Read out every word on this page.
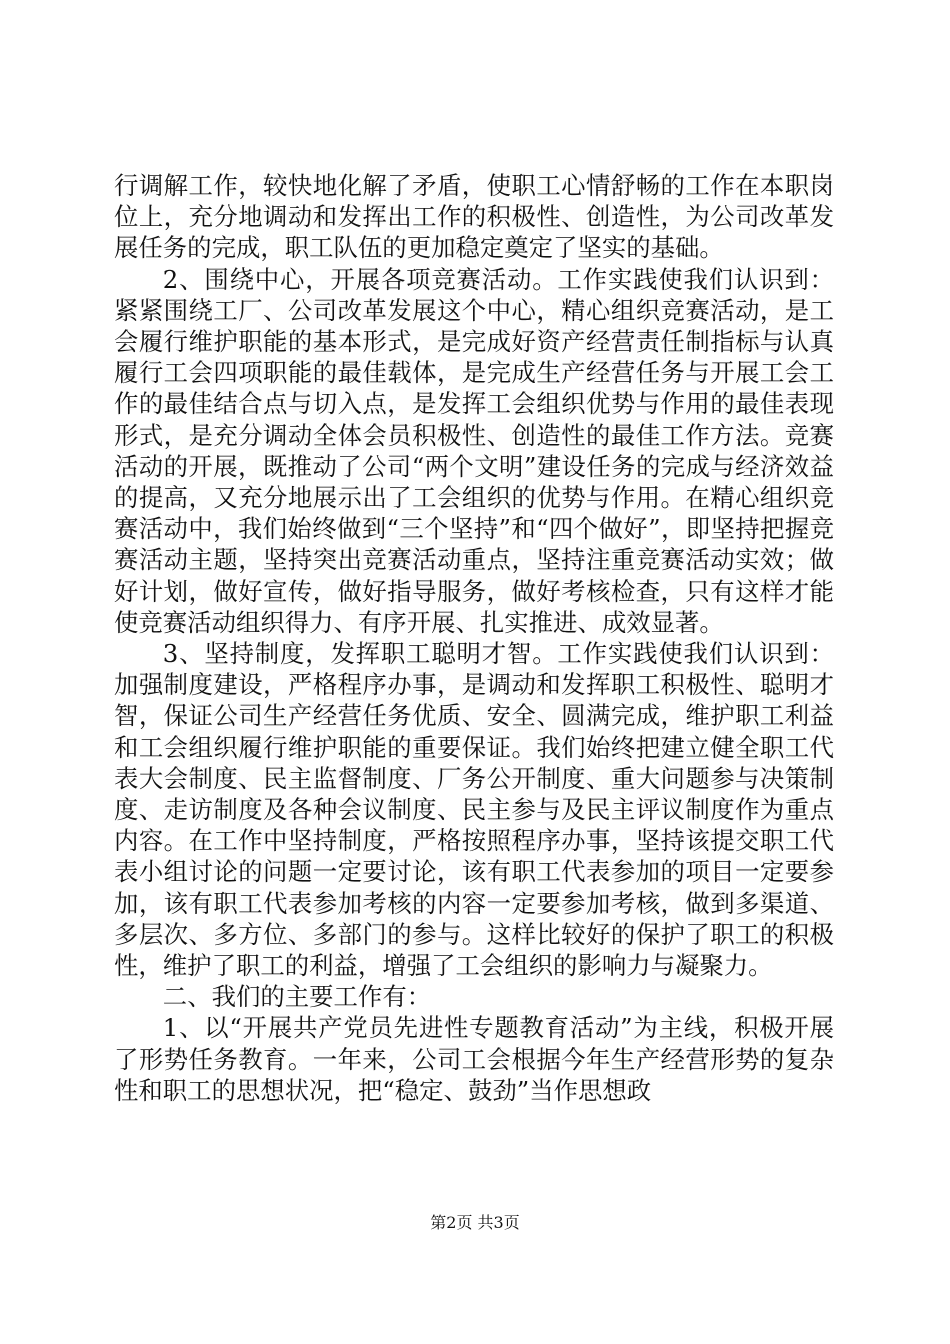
行调解工作，较快地化解了矛盾，使职工心情舒畅的工作在本职岗位上，充分地调动和发挥出工作的积极性、创造性，为公司改革发展任务的完成，职工队伍的更加稳定奠定了坚实的基础。

2、围绕中心，开展各项竞赛活动。工作实践使我们认识到：紧紧围绕工厂、公司改革发展这个中心，精心组织竞赛活动，是工会履行维护职能的基本形式，是完成好资产经营责任制指标与认真履行工会四项职能的最佳载体，是完成生产经营任务与开展工会工作的最佳结合点与切入点，是发挥工会组织优势与作用的最佳表现形式，是充分调动全体会员积极性、创造性的最佳工作方法。竞赛活动的开展，既推动了公司“两个文明”建设任务的完成与经济效益的提高，又充分地展示出了工会组织的优势与作用。在精心组织竞赛活动中，我们始终做到“三个坚持”和“四个做好”，即坚持把握竞赛活动主题，坚持突出竞赛活动重点，坚持注重竞赛活动实效；做好计划，做好宣传，做好指导服务，做好考核检查，只有这样才能使竞赛活动组织得力、有序开展、扎实推进、成效显著。

3、坚持制度，发挥职工聪明才智。工作实践使我们认识到：加强制度建设，严格程序办事，是调动和发挥职工积极性、聪明才智，保证公司生产经营任务优质、安全、圆满完成，维护职工利益和工会组织履行维护职能的重要保证。我们始终把建立健全职工代表大会制度、民主监督制度、厂务公开制度、重大问题参与决策制度、走访制度及各种会议制度、民主参与及民主评议制度作为重点内容。在工作中坚持制度，严格按照程序办事，坚持该提交职工代表小组讨论的问题一定要讨论，该有职工代表参加的项目一定要参加，该有职工代表参加考核的内容一定要参加考核，做到多渠道、多层次、多方位、多部门的参与。这样比较好的保护了职工的积极性，维护了职工的利益，增强了工会组织的影响力与凝聚力。

二、我们的主要工作有：

1、以“开展共产党员先进性专题教育活动”为主线，积极开展了形势任务教育。一年来，公司工会根据今年生产经营形势的复杂性和职工的思想状况，把“稳定、鼓劲”当作思想政

第2页 共3页
